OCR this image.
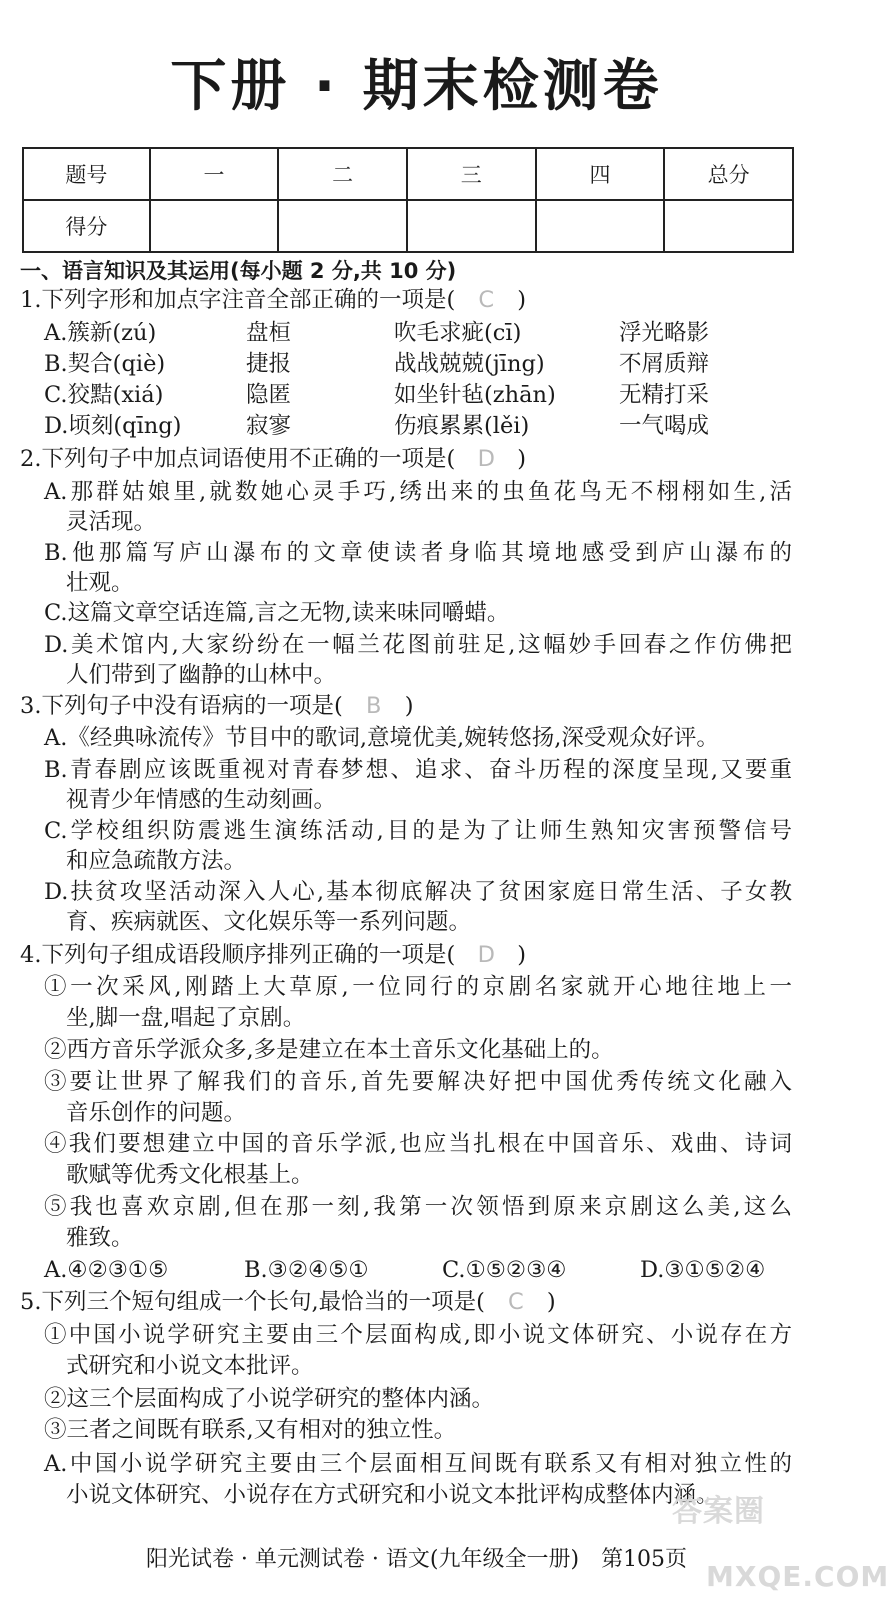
下册 · 期末检测卷
题号	一	二	三	四	总分
得分					
一、语言知识及其运用(每小题 2 分,共 10 分)
1.下列字形和加点字注音全部正确的一项是( C )
A.簇新(zú)	盘桓	吹毛求疵(cī)	浮光略影
B.契合(qiè)	捷报	战战兢兢(jīng)	不屑质辩
C.狡黠(xiá)	隐匿	如坐针毡(zhān)	无精打采
D.顷刻(qīng)	寂寥	伤痕累累(lěi)	一气喝成
2.下列句子中加点词语使用不正确的一项是( D )
A.那群姑娘里,就数她心灵手巧,绣出来的虫鱼花鸟无不栩栩如生,活
灵活现。
B.他那篇写庐山瀑布的文章使读者身临其境地感受到庐山瀑布的
壮观。
C.这篇文章空话连篇,言之无物,读来味同嚼蜡。
D.美术馆内,大家纷纷在一幅兰花图前驻足,这幅妙手回春之作仿佛把
人们带到了幽静的山林中。
3.下列句子中没有语病的一项是( B )
A.《经典咏流传》节目中的歌词,意境优美,婉转悠扬,深受观众好评。
B.青春剧应该既重视对青春梦想、追求、奋斗历程的深度呈现,又要重
视青少年情感的生动刻画。
C.学校组织防震逃生演练活动,目的是为了让师生熟知灾害预警信号
和应急疏散方法。
D.扶贫攻坚活动深入人心,基本彻底解决了贫困家庭日常生活、子女教
育、疾病就医、文化娱乐等一系列问题。
4.下列句子组成语段顺序排列正确的一项是( D )
①一次采风,刚踏上大草原,一位同行的京剧名家就开心地往地上一
坐,脚一盘,唱起了京剧。
②西方音乐学派众多,多是建立在本土音乐文化基础上的。
③要让世界了解我们的音乐,首先要解决好把中国优秀传统文化融入
音乐创作的问题。
④我们要想建立中国的音乐学派,也应当扎根在中国音乐、戏曲、诗词
歌赋等优秀文化根基上。
⑤我也喜欢京剧,但在那一刻,我第一次领悟到原来京剧这么美,这么
雅致。
A.④②③①⑤	B.③②④⑤①	C.①⑤②③④	D.③①⑤②④
5.下列三个短句组成一个长句,最恰当的一项是( C )
①中国小说学研究主要由三个层面构成,即小说文体研究、小说存在方
式研究和小说文本批评。
②这三个层面构成了小说学研究的整体内涵。
③三者之间既有联系,又有相对的独立性。
A.中国小说学研究主要由三个层面相互间既有联系又有相对独立性的
小说文体研究、小说存在方式研究和小说文本批评构成整体内涵。
答案圈
MXQE.COM
阳光试卷 · 单元测试卷 · 语文(九年级全一册)　第105页
